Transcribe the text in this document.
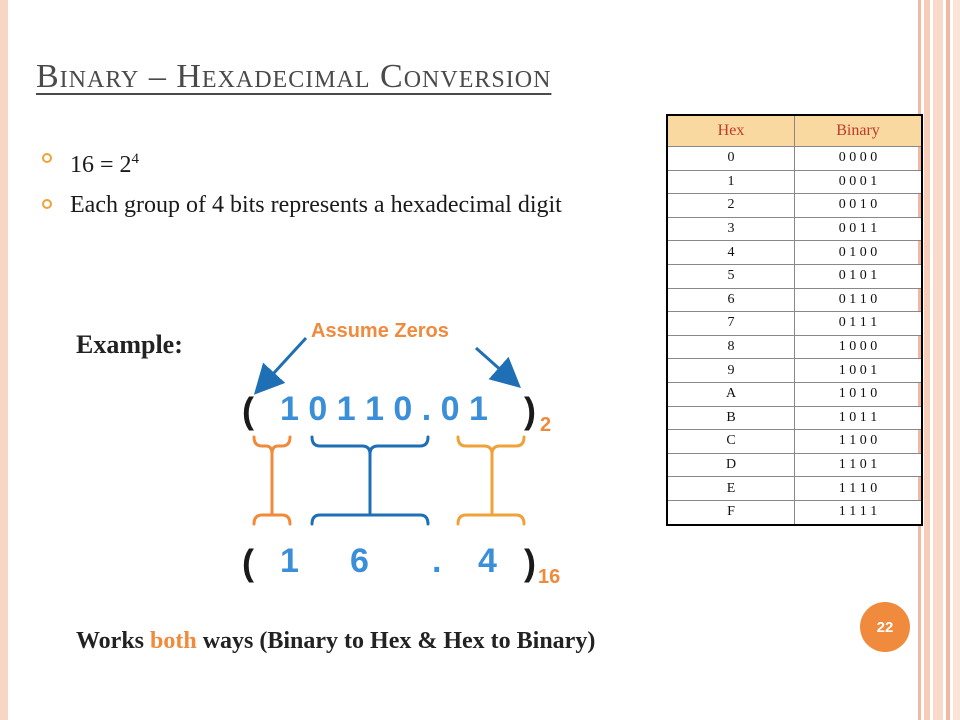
Binary – Hexadecimal Conversion
$16 = 2^4$
Each group of 4 bits represents a hexadecimal digit
Example:	Assume Zeros
( 1 0 1 1 0 . 0 1 ) 2
( 1 6 . 4 ) 16
Hex	Binary
0	0 0 0 0
1	0 0 0 1
2	0 0 1 0
3	0 0 1 1
4	0 1 0 0
5	0 1 0 1
6	0 1 1 0
7	0 1 1 1
8	1 0 0 0
9	1 0 0 1
A	1 0 1 0
B	1 0 1 1
C	1 1 0 0
D	1 1 0 1
E	1 1 1 0
F	1 1 1 1
22
Works both ways (Binary to Hex & Hex to Binary)
